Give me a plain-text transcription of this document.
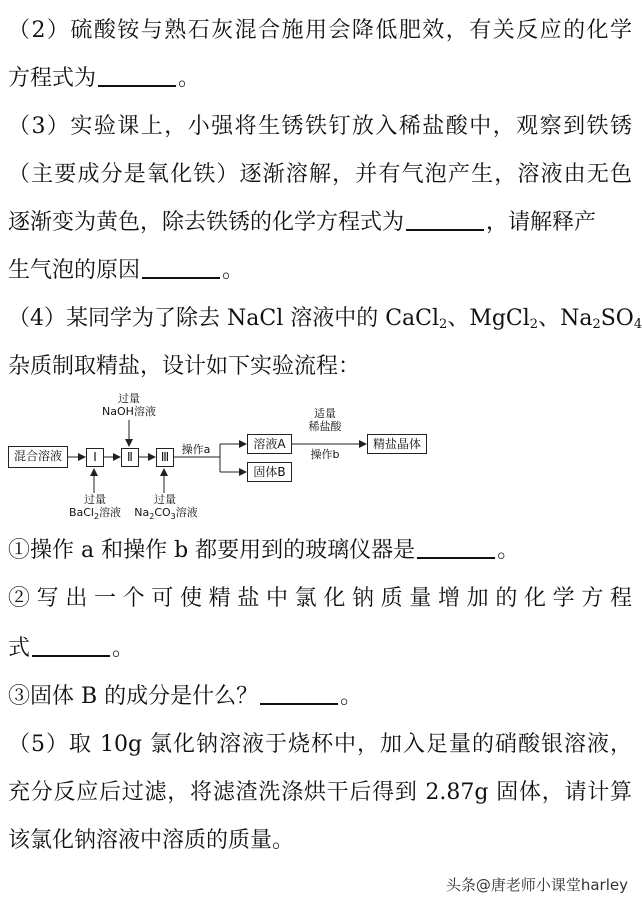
（2）硫酸铵与熟石灰混合施用会降低肥效，有关反应的化学
方程式为	。
（3）实验课上，小强将生锈铁钉放入稀盐酸中，观察到铁锈
（主要成分是氧化铁）逐渐溶解，并有气泡产生，溶液由无色
逐渐变为黄色，除去铁锈的化学方程式为	，请解释产
生气泡的原因	。
（4）某同学为了除去 NaCl 溶液中的 CaCl$_2$、MgCl$_2$、$Na_2SO_4$
杂质制取精盐，设计如下实验流程：
混合溶液	Ⅰ	Ⅱ	Ⅲ
溶液A
固体B
精盐晶体
过量
NaOH溶液
过量
BaCl$_2$溶液
过量
$Na_2CO_3$溶液
操作a
适量
稀盐酸
操作b
①操作 a 和操作 b 都要用到的玻璃仪器是	。
②写出一个可使精盐中氯化钠质量增加的化学方程
式	。
③固体 B 的成分是什么？	。
（5）取 10g 氯化钠溶液于烧杯中，加入足量的硝酸银溶液，
充分反应后过滤，将滤渣洗涤烘干后得到 2.87g 固体，请计算
该氯化钠溶液中溶质的质量。
头条@唐老师小课堂harley
